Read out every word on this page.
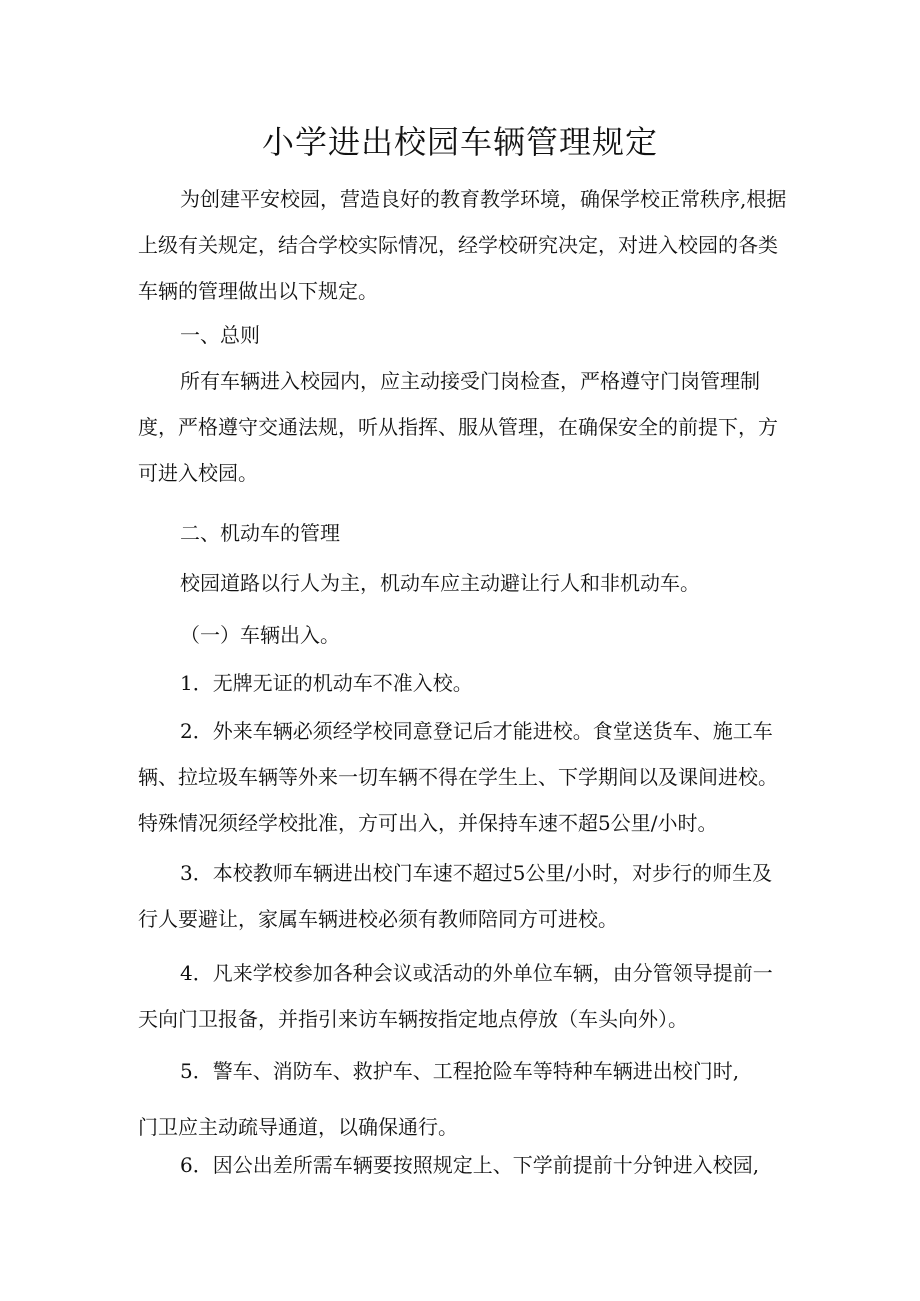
小学进出校园车辆管理规定

为创建平安校园，营造良好的教育教学环境，确保学校正常秩序,根据上级有关规定，结合学校实际情况，经学校研究决定，对进入校园的各类车辆的管理做出以下规定。

一、总则

所有车辆进入校园内，应主动接受门岗检查，严格遵守门岗管理制度，严格遵守交通法规，听从指挥、服从管理，在确保安全的前提下，方可进入校园。

二、机动车的管理

校园道路以行人为主，机动车应主动避让行人和非机动车。

（一）车辆出入。

1．无牌无证的机动车不准入校。

2．外来车辆必须经学校同意登记后才能进校。食堂送货车、施工车辆、拉垃圾车辆等外来一切车辆不得在学生上、下学期间以及课间进校。特殊情况须经学校批准，方可出入，并保持车速不超5公里/小时。

3．本校教师车辆进出校门车速不超过5公里/小时，对步行的师生及行人要避让，家属车辆进校必须有教师陪同方可进校。

4．凡来学校参加各种会议或活动的外单位车辆，由分管领导提前一天向门卫报备，并指引来访车辆按指定地点停放（车头向外）。

5．警车、消防车、救护车、工程抢险车等特种车辆进出校门时,

门卫应主动疏导通道，以确保通行。

6．因公出差所需车辆要按照规定上、下学前提前十分钟进入校园,
